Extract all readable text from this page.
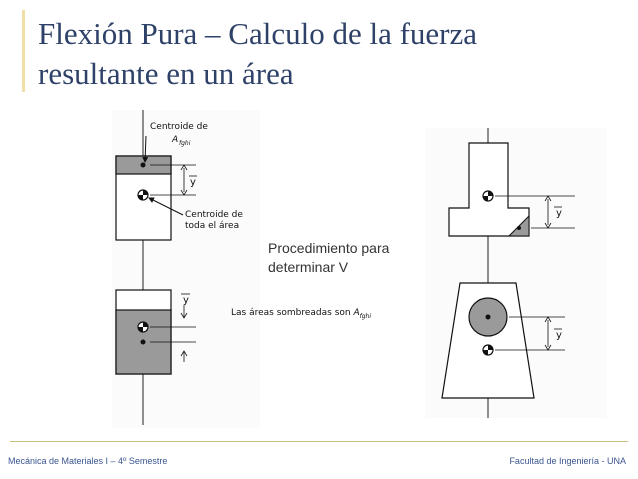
Flexión Pura – Calculo de la fuerza
resultante en un área
y
Centroide de
A fghi
Centroide de
toda el área
y
Las áreas sombreadas son $A_{fghi}$
y
y
Procedimiento para
determinar V
Mecánica de Materiales I – 4º Semestre	Facultad de Ingeniería - UNA
